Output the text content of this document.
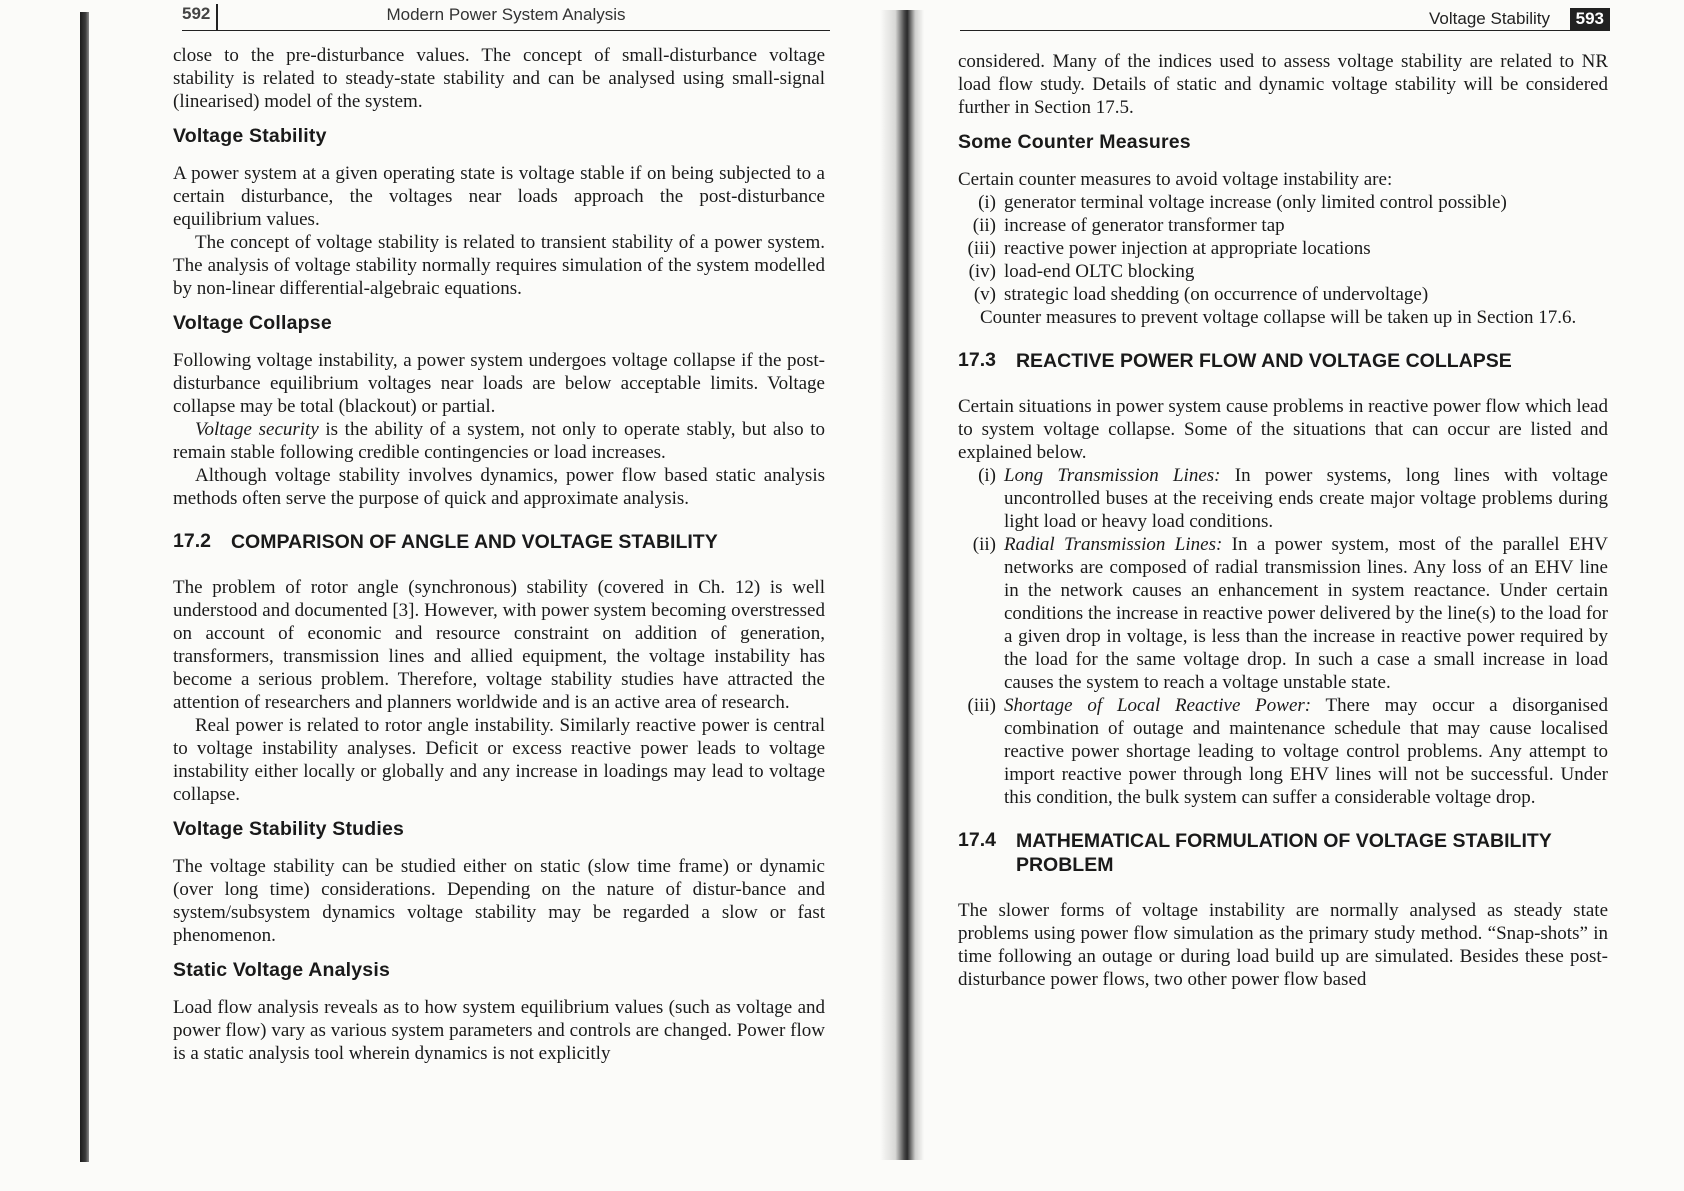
592	Modern Power System Analysis	Voltage Stability	593

close to the pre-disturbance values. The concept of small-disturbance voltage stability is related to steady-state stability and can be analysed using small-signal (linearised) model of the system.

Voltage Stability

A power system at a given operating state is voltage stable if on being subjected to a certain disturbance, the voltages near loads approach the post-disturbance equilibrium values.

The concept of voltage stability is related to transient stability of a power system. The analysis of voltage stability normally requires simulation of the system modelled by non-linear differential-algebraic equations.

Voltage Collapse

Following voltage instability, a power system undergoes voltage collapse if the post-disturbance equilibrium voltages near loads are below acceptable limits. Voltage collapse may be total (blackout) or partial.

Voltage security is the ability of a system, not only to operate stably, but also to remain stable following credible contingencies or load increases.

Although voltage stability involves dynamics, power flow based static analysis methods often serve the purpose of quick and approximate analysis.

17.2 COMPARISON OF ANGLE AND VOLTAGE STABILITY

The problem of rotor angle (synchronous) stability (covered in Ch. 12) is well understood and documented [3]. However, with power system becoming overstressed on account of economic and resource constraint on addition of generation, transformers, transmission lines and allied equipment, the voltage instability has become a serious problem. Therefore, voltage stability studies have attracted the attention of researchers and planners worldwide and is an active area of research.

Real power is related to rotor angle instability. Similarly reactive power is central to voltage instability analyses. Deficit or excess reactive power leads to voltage instability either locally or globally and any increase in loadings may lead to voltage collapse.

Voltage Stability Studies

The voltage stability can be studied either on static (slow time frame) or dynamic (over long time) considerations. Depending on the nature of distur-bance and system/subsystem dynamics voltage stability may be regarded a slow or fast phenomenon.

Static Voltage Analysis

Load flow analysis reveals as to how system equilibrium values (such as voltage and power flow) vary as various system parameters and controls are changed. Power flow is a static analysis tool wherein dynamics is not explicitly

considered. Many of the indices used to assess voltage stability are related to NR load flow study. Details of static and dynamic voltage stability will be considered further in Section 17.5.

Some Counter Measures

Certain counter measures to avoid voltage instability are:

(i) generator terminal voltage increase (only limited control possible)
(ii) increase of generator transformer tap
(iii) reactive power injection at appropriate locations
(iv) load-end OLTC blocking
(v) strategic load shedding (on occurrence of undervoltage)

Counter measures to prevent voltage collapse will be taken up in Section 17.6.

17.3 REACTIVE POWER FLOW AND VOLTAGE COLLAPSE

Certain situations in power system cause problems in reactive power flow which lead to system voltage collapse. Some of the situations that can occur are listed and explained below.

(i) Long Transmission Lines: In power systems, long lines with voltage uncontrolled buses at the receiving ends create major voltage problems during light load or heavy load conditions.
(ii) Radial Transmission Lines: In a power system, most of the parallel EHV networks are composed of radial transmission lines. Any loss of an EHV line in the network causes an enhancement in system reactance. Under certain conditions the increase in reactive power delivered by the line(s) to the load for a given drop in voltage, is less than the increase in reactive power required by the load for the same voltage drop. In such a case a small increase in load causes the system to reach a voltage unstable state.
(iii) Shortage of Local Reactive Power: There may occur a disorganised combination of outage and maintenance schedule that may cause localised reactive power shortage leading to voltage control problems. Any attempt to import reactive power through long EHV lines will not be successful. Under this condition, the bulk system can suffer a considerable voltage drop.
17.4 MATHEMATICAL FORMULATION OF VOLTAGE STABILITY PROBLEM

The slower forms of voltage instability are normally analysed as steady state problems using power flow simulation as the primary study method. “Snap-shots” in time following an outage or during load build up are simulated. Besides these post-disturbance power flows, two other power flow based
